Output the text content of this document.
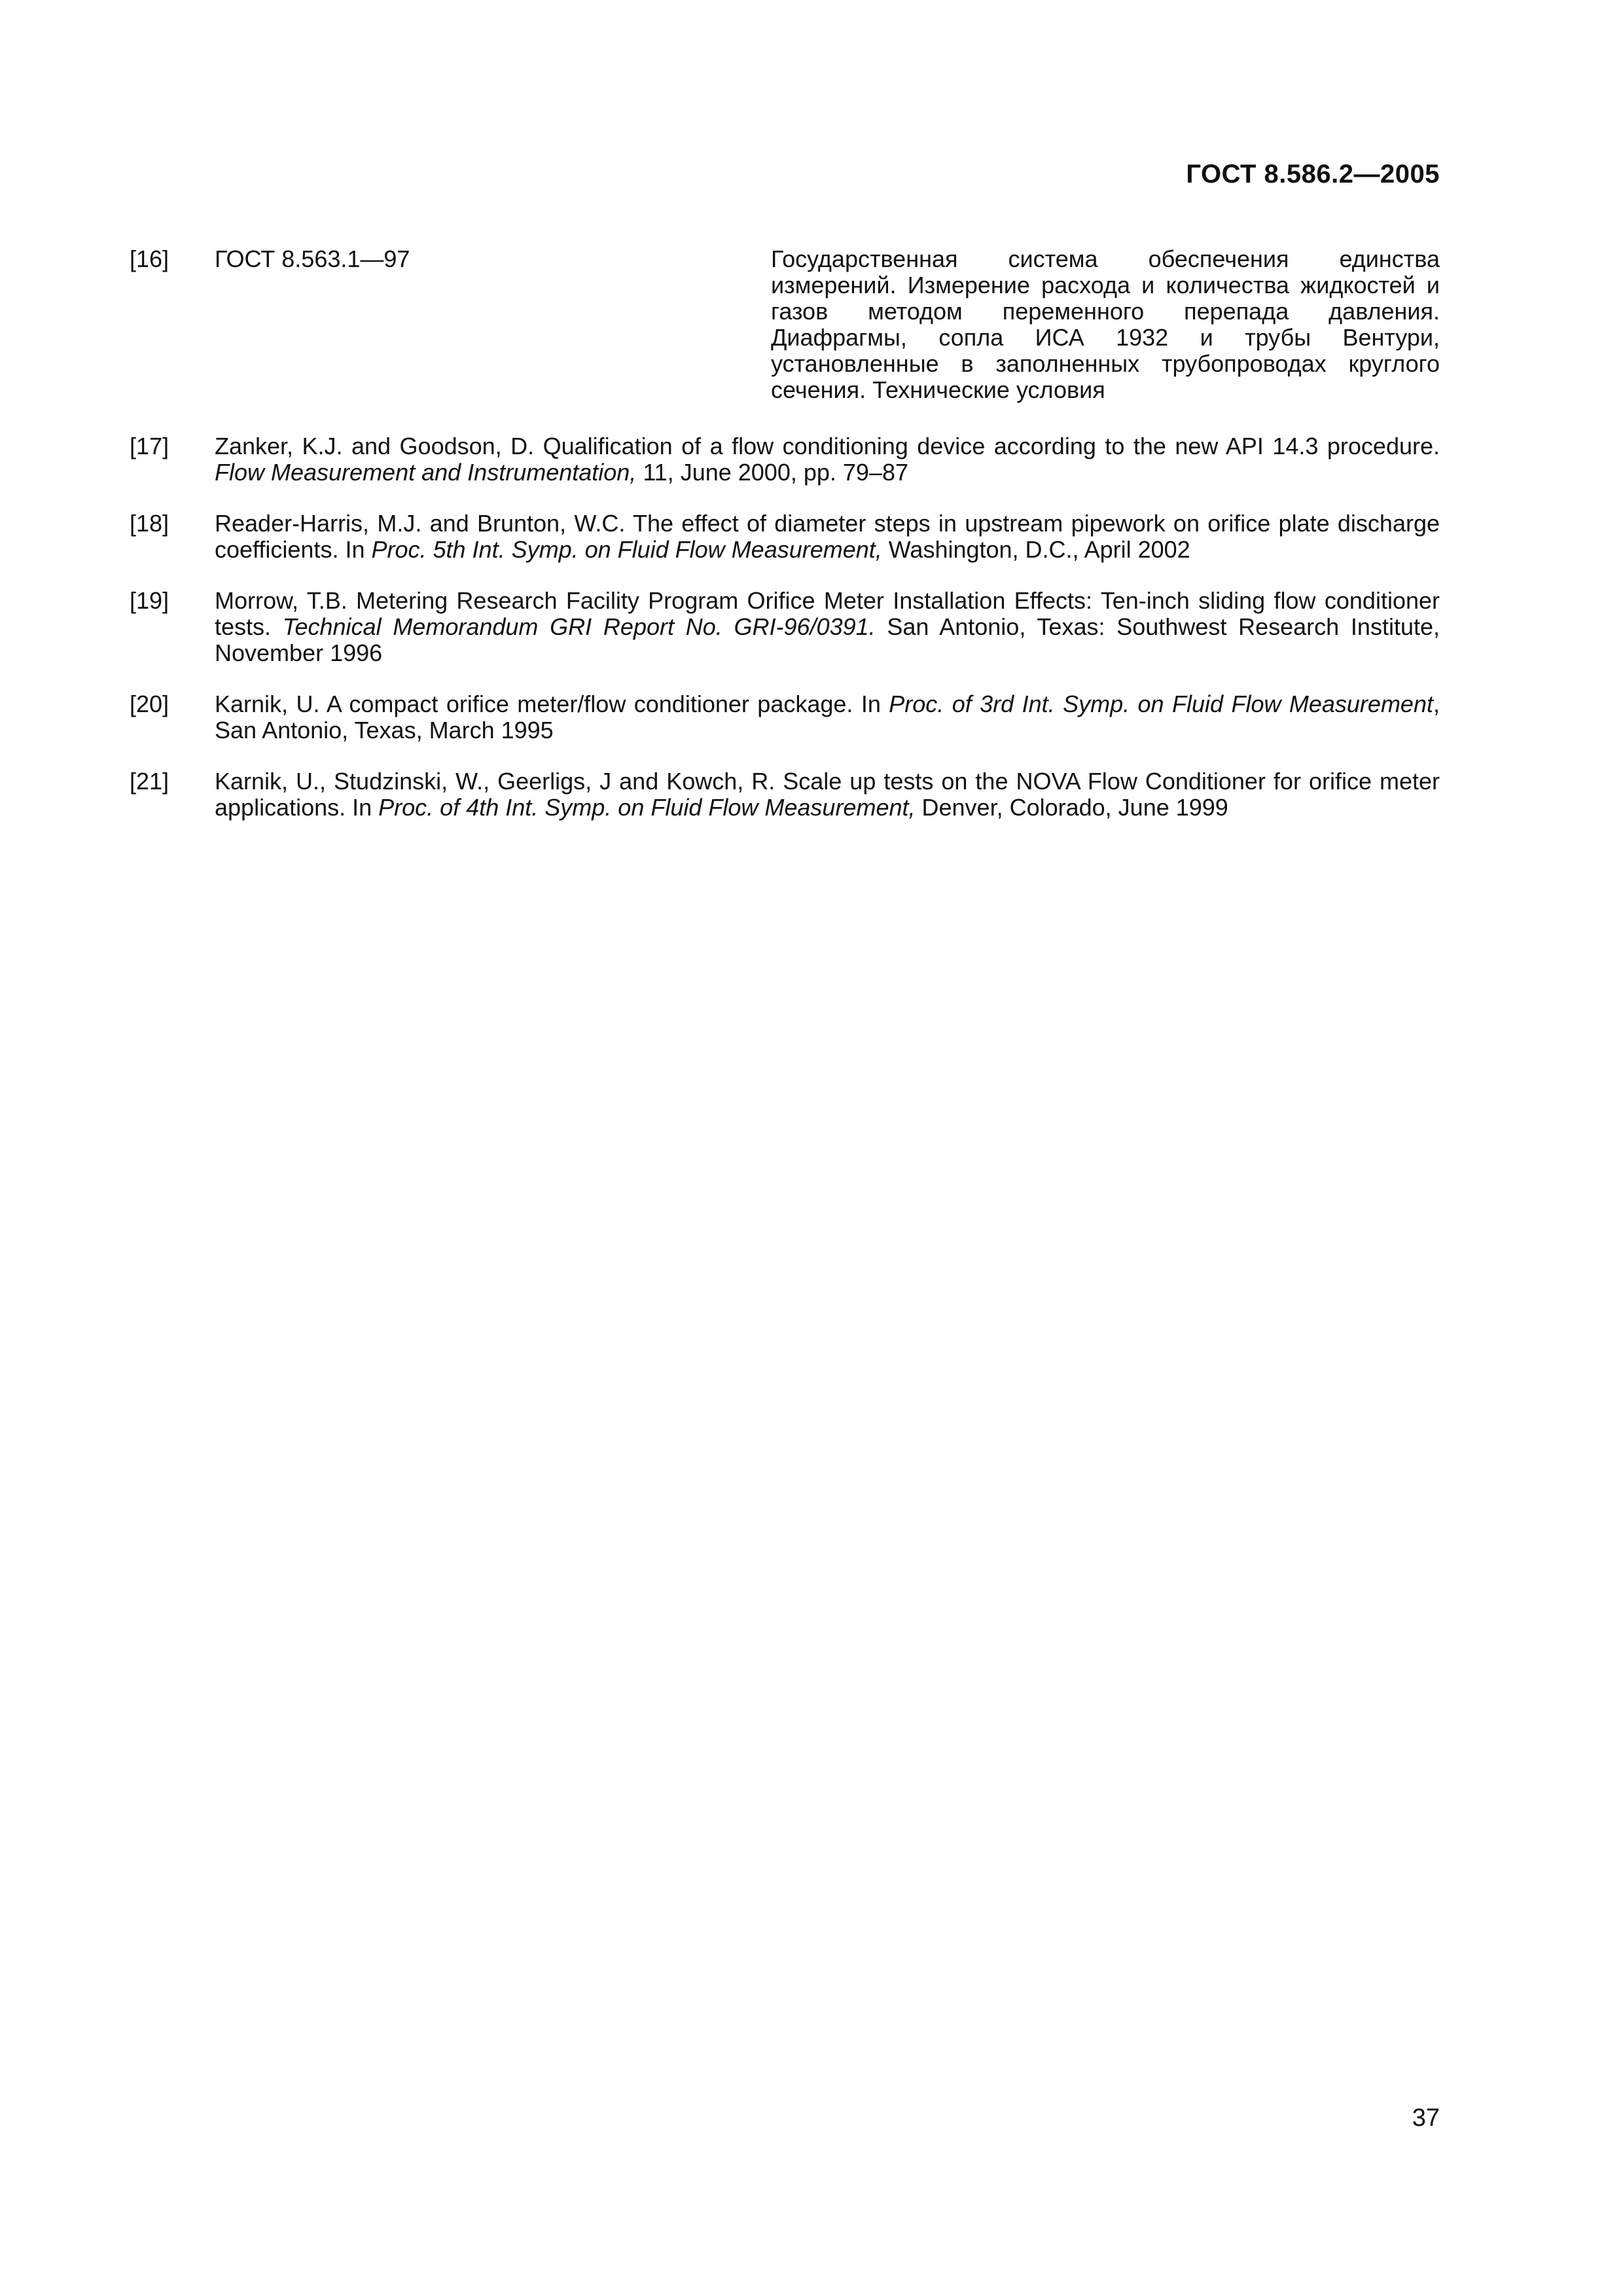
ГОСТ 8.586.2—2005
[16] ГОСТ 8.563.1—97	Государственная система обеспечения единства измерений. Измерение расхода и количества жидкостей и газов методом переменного перепада давления. Диафрагмы, сопла ИСА 1932 и трубы Вентури, установленные в заполненных трубопроводах круглого сечения. Технические условия
[17] Zanker, K.J. and Goodson, D. Qualification of a flow conditioning device according to the new API 14.3 procedure. Flow Measurement and Instrumentation, 11, June 2000, pp. 79–87
[18] Reader-Harris, M.J. and Brunton, W.C. The effect of diameter steps in upstream pipework on orifice plate discharge coefficients. In Proc. 5th Int. Symp. on Fluid Flow Measurement, Washington, D.C., April 2002
[19] Morrow, T.B. Metering Research Facility Program Orifice Meter Installation Effects: Ten-inch sliding flow conditioner tests. Technical Memorandum GRI Report No. GRI-96/0391. San Antonio, Texas: Southwest Research Institute, November 1996
[20] Karnik, U. A compact orifice meter/flow conditioner package. In Proc. of 3rd Int. Symp. on Fluid Flow Measurement, San Antonio, Texas, March 1995
[21] Karnik, U., Studzinski, W., Geerligs, J and Kowch, R. Scale up tests on the NOVA Flow Conditioner for orifice meter applications. In Proc. of 4th Int. Symp. on Fluid Flow Measurement, Denver, Colorado, June 1999
37
